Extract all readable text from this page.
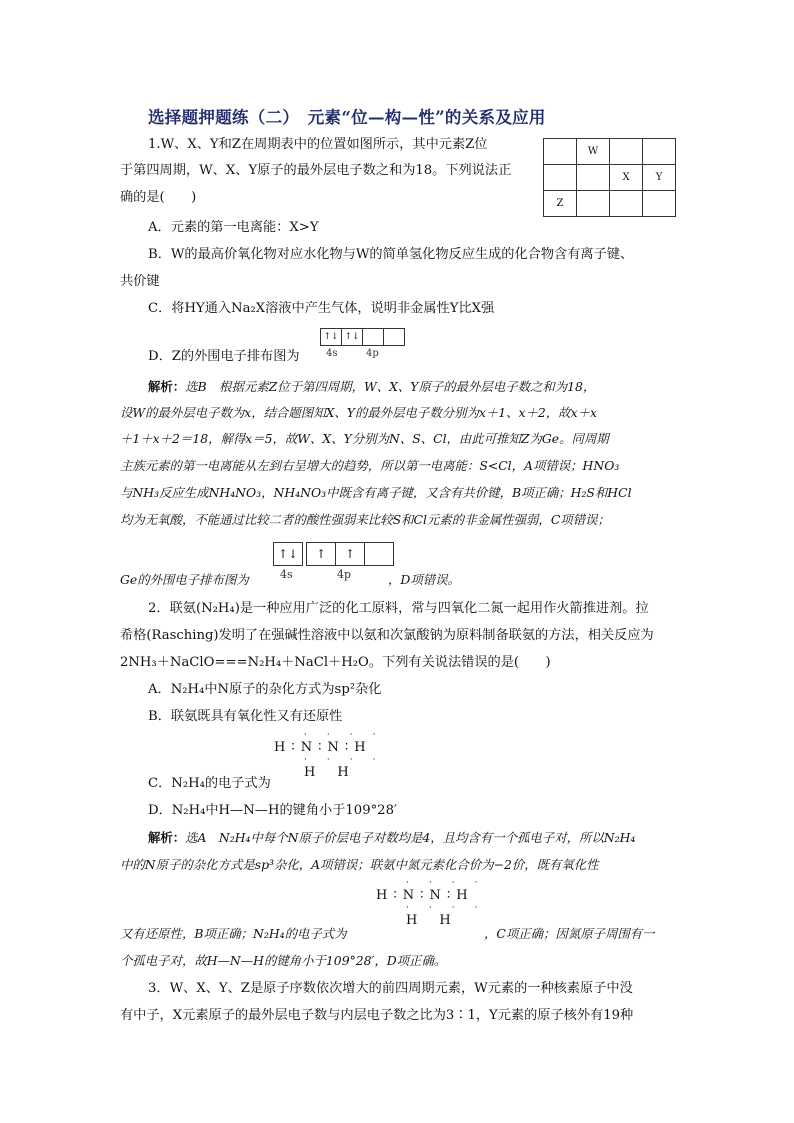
选择题押题练（二）　元素“位—构—性”的关系及应用
1.W、X、Y和Z在周期表中的位置如图所示，其中元素Z位
于第四周期，W、X、Y原子的最外层电子数之和为18。下列说法正
确的是(　　)
	W		
		X	Y
Z			
A．元素的第一电离能：X>Y
B．W的最高价氧化物对应水化物与W的简单氢化物反应生成的化合物含有离子键、
共价键
C．将HY通入Na₂X溶液中产生气体，说明非金属性Y比X强
D．Z的外围电子排布图为
↑ ↓ ↑ ↓
4s	4p
解析：选B　根据元素Z位于第四周期，W、X、Y原子的最外层电子数之和为18，
设W的最外层电子数为x，结合题图知X、Y的最外层电子数分别为x＋1、x＋2，故x＋x
＋1＋x＋2＝18，解得x＝5，故W、X、Y分别为N、S、Cl，由此可推知Z为Ge。同周期
主族元素的第一电离能从左到右呈增大的趋势，所以第一电离能：S<Cl，A项错误；HNO₃
与NH₃反应生成NH₄NO₃，NH₄NO₃中既含有离子键，又含有共价键，B项正确；H₂S和HCl
均为无氧酸，不能通过比较二者的酸性强弱来比较S和Cl元素的非金属性强弱，C项错误；
↑ ↓ ↑ ↑
4s	4p
Ge的外围电子排布图为	，D项错误。
2．联氨(N₂H₄)是一种应用广泛的化工原料，常与四氧化二氮一起用作火箭推进剂。拉
希格(Rasching)发明了在强碱性溶液中以氨和次氯酸钠为原料制备联氨的方法，相关反应为
2NH₃＋NaClO===N₂H₄＋NaCl＋H₂O。下列有关说法错误的是(　　)
A．N₂H₄中N原子的杂化方式为sp²杂化
B．联氨既具有氧化性又有还原性
····
H ∶ N ∶ N ∶ H
····
H H
C．N₂H₄的电子式为
D．N₂H₄中H—N—H的键角小于109°28′
解析：选A　N₂H₄中每个N原子价层电子对数均是4，且均含有一个孤电子对，所以N₂H₄
中的N原子的杂化方式是sp³杂化，A项错误；联氨中氮元素化合价为−2价，既有氧化性
····
H ∶ N ∶ N ∶ H
····
H H
又有还原性，B项正确；N₂H₄的电子式为	，C项正确；因氮原子周围有一
个孤电子对，故H—N—H的键角小于109°28′，D项正确。
3．W、X、Y、Z是原子序数依次增大的前四周期元素，W元素的一种核素原子中没
有中子，X元素原子的最外层电子数与内层电子数之比为3∶1，Y元素的原子核外有19种
